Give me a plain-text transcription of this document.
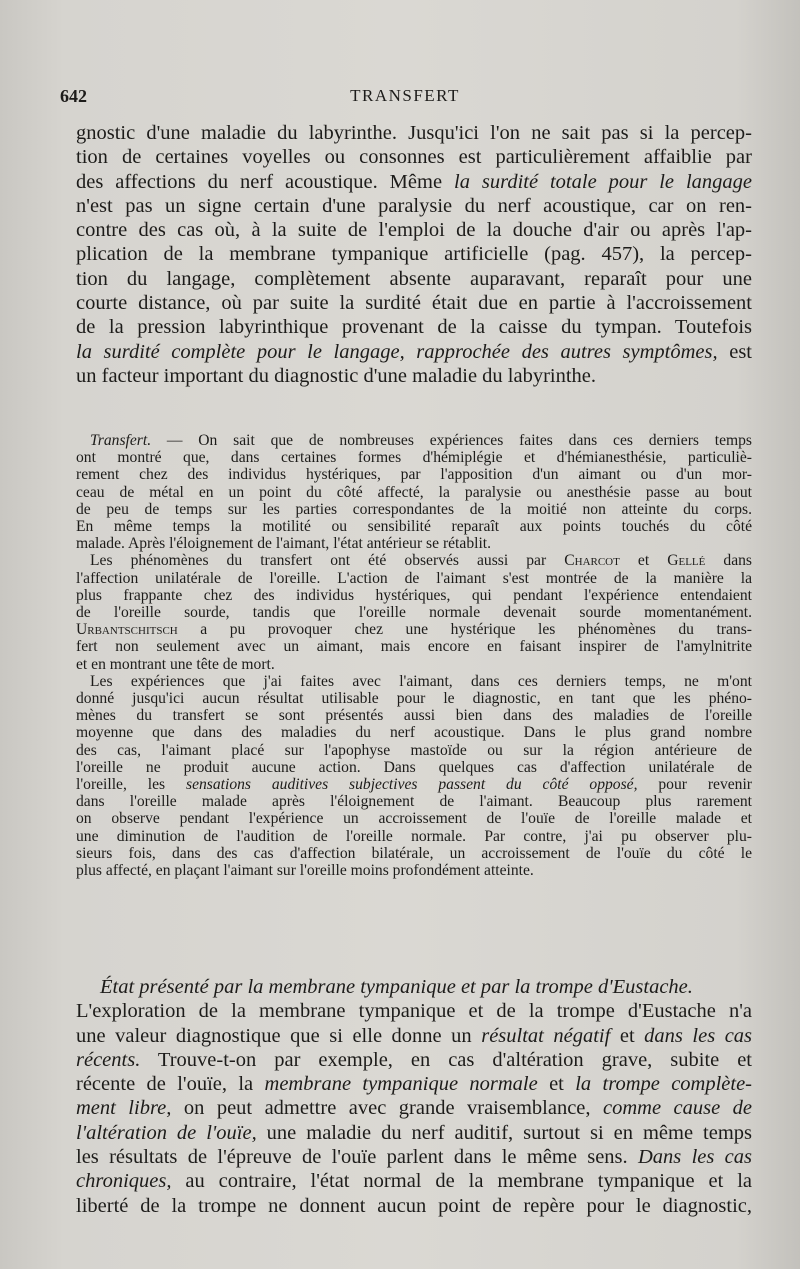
642	TRANSFERT

gnostic d'une maladie du labyrinthe. Jusqu'ici l'on ne sait pas si la percep-

tion de certaines voyelles ou consonnes est particulièrement affaiblie par

des affections du nerf acoustique. Même la surdité totale pour le langage

n'est pas un signe certain d'une paralysie du nerf acoustique, car on ren-

contre des cas où, à la suite de l'emploi de la douche d'air ou après l'ap-

plication de la membrane tympanique artificielle (pag. 457), la percep-

tion du langage, complètement absente auparavant, reparaît pour une

courte distance, où par suite la surdité était due en partie à l'accroissement

de la pression labyrinthique provenant de la caisse du tympan. Toutefois

la surdité complète pour le langage, rapprochée des autres symptômes, est

un facteur important du diagnostic d'une maladie du labyrinthe.

Transfert. — On sait que de nombreuses expériences faites dans ces derniers temps

ont montré que, dans certaines formes d'hémiplégie et d'hémianesthésie, particuliè-

rement chez des individus hystériques, par l'apposition d'un aimant ou d'un mor-

ceau de métal en un point du côté affecté, la paralysie ou anesthésie passe au bout

de peu de temps sur les parties correspondantes de la moitié non atteinte du corps.

En même temps la motilité ou sensibilité reparaît aux points touchés du côté

malade. Après l'éloignement de l'aimant, l'état antérieur se rétablit.

Les phénomènes du transfert ont été observés aussi par Charcot et Gellé dans

l'affection unilatérale de l'oreille. L'action de l'aimant s'est montrée de la manière la

plus frappante chez des individus hystériques, qui pendant l'expérience entendaient

de l'oreille sourde, tandis que l'oreille normale devenait sourde momentanément.

Urbantschitsch a pu provoquer chez une hystérique les phénomènes du trans-

fert non seulement avec un aimant, mais encore en faisant inspirer de l'amylnitrite

et en montrant une tête de mort.

Les expériences que j'ai faites avec l'aimant, dans ces derniers temps, ne m'ont

donné jusqu'ici aucun résultat utilisable pour le diagnostic, en tant que les phéno-

mènes du transfert se sont présentés aussi bien dans des maladies de l'oreille

moyenne que dans des maladies du nerf acoustique. Dans le plus grand nombre

des cas, l'aimant placé sur l'apophyse mastoïde ou sur la région antérieure de

l'oreille ne produit aucune action. Dans quelques cas d'affection unilatérale de

l'oreille, les sensations auditives subjectives passent du côté opposé, pour revenir

dans l'oreille malade après l'éloignement de l'aimant. Beaucoup plus rarement

on observe pendant l'expérience un accroissement de l'ouïe de l'oreille malade et

une diminution de l'audition de l'oreille normale. Par contre, j'ai pu observer plu-

sieurs fois, dans des cas d'affection bilatérale, un accroissement de l'ouïe du côté le

plus affecté, en plaçant l'aimant sur l'oreille moins profondément atteinte.

État présenté par la membrane tympanique et par la trompe d'Eustache.

L'exploration de la membrane tympanique et de la trompe d'Eustache n'a

une valeur diagnostique que si elle donne un résultat négatif et dans les cas

récents. Trouve-t-on par exemple, en cas d'altération grave, subite et

récente de l'ouïe, la membrane tympanique normale et la trompe complète-

ment libre, on peut admettre avec grande vraisemblance, comme cause de

l'altération de l'ouïe, une maladie du nerf auditif, surtout si en même temps

les résultats de l'épreuve de l'ouïe parlent dans le même sens. Dans les cas

chroniques, au contraire, l'état normal de la membrane tympanique et la

liberté de la trompe ne donnent aucun point de repère pour le diagnostic,
